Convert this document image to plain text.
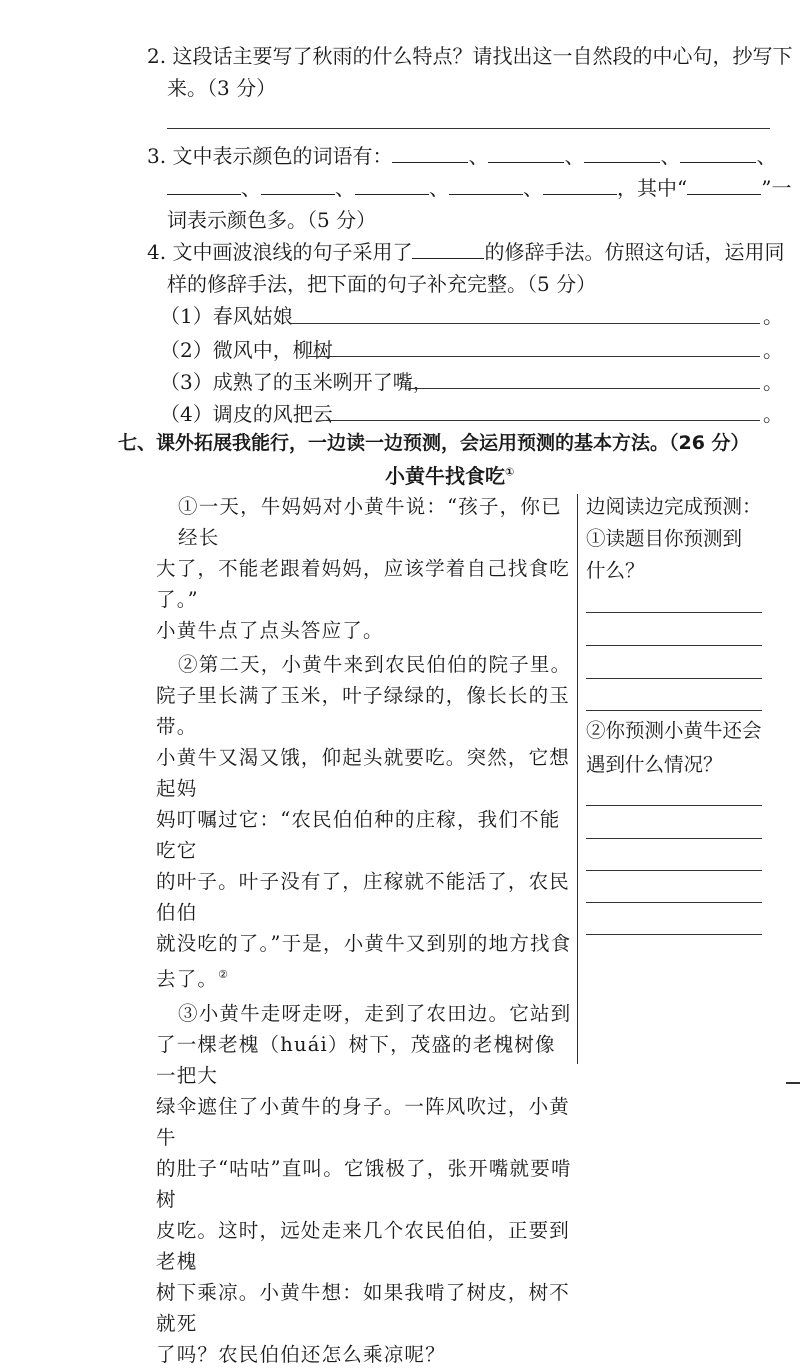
2. 这段话主要写了秋雨的什么特点？请找出这一自然段的中心句，抄写下
来。（3 分）
3. 文中表示颜色的词语有：	、	、	、	、
、	、	、	、	，其中“	”一
词表示颜色多。（5 分）
4. 文中画波浪线的句子采用了	的修辞手法。仿照这句话，运用同
样的修辞手法，把下面的句子补充完整。（5 分）
（1）春风姑娘	。
（2）微风中，柳树	。
（3）成熟了的玉米咧开了嘴，	。
（4）调皮的风把云	。
七、课外拓展我能行，一边读一边预测，会运用预测的基本方法。（26 分）
小黄牛找食吃①
①一天，牛妈妈对小黄牛说：“孩子，你已经长
大了，不能老跟着妈妈，应该学着自己找食吃了。”
小黄牛点了点头答应了。
②第二天，小黄牛来到农民伯伯的院子里。
院子里长满了玉米，叶子绿绿的，像长长的玉带。
小黄牛又渴又饿，仰起头就要吃。突然，它想起妈
妈叮嘱过它：“农民伯伯种的庄稼，我们不能吃它
的叶子。叶子没有了，庄稼就不能活了，农民伯伯
就没吃的了。”于是，小黄牛又到别的地方找食
去了。②
③小黄牛走呀走呀，走到了农田边。它站到
了一棵老槐（huái）树下，茂盛的老槐树像一把大
绿伞遮住了小黄牛的身子。一阵风吹过，小黄牛
的肚子“咕咕”直叫。它饿极了，张开嘴就要啃树
皮吃。这时，远处走来几个农民伯伯，正要到老槐
树下乘凉。小黄牛想：如果我啃了树皮，树不就死
了吗？农民伯伯还怎么乘凉呢？
边阅读边完成预测：
①读题目你预测到
什么？
②你预测小黄牛还会
遇到什么情况？
